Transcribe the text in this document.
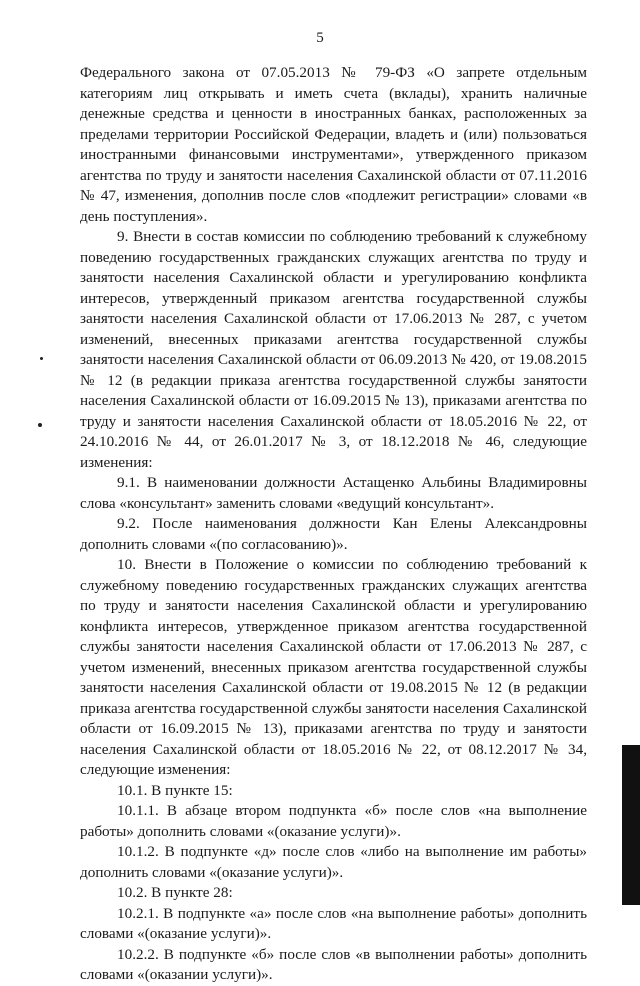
5

Федерального закона от 07.05.2013 № 79-ФЗ «О запрете отдельным категориям лиц открывать и иметь счета (вклады), хранить наличные денежные средства и ценности в иностранных банках, расположенных за пределами территории Российской Федерации, владеть и (или) пользоваться иностранными финансовыми инструментами», утвержденного приказом агентства по труду и занятости населения Сахалинской области от 07.11.2016 № 47, изменения, дополнив после слов «подлежит регистрации» словами «в день поступления».

9. Внести в состав комиссии по соблюдению требований к служебному поведению государственных гражданских служащих агентства по труду и занятости населения Сахалинской области и урегулированию конфликта интересов, утвержденный приказом агентства государственной службы занятости населения Сахалинской области от 17.06.2013 № 287, с учетом изменений, внесенных приказами агентства государственной службы занятости населения Сахалинской области от 06.09.2013 № 420, от 19.08.2015 № 12 (в редакции приказа агентства государственной службы занятости населения Сахалинской области от 16.09.2015 № 13), приказами агентства по труду и занятости населения Сахалинской области от 18.05.2016 № 22, от 24.10.2016 № 44, от 26.01.2017 № 3, от 18.12.2018 № 46, следующие изменения:

9.1. В наименовании должности Астащенко Альбины Владимировны слова «консультант» заменить словами «ведущий консультант».

9.2. После наименования должности Кан Елены Александровны дополнить словами «(по согласованию)».

10. Внести в Положение о комиссии по соблюдению требований к служебному поведению государственных гражданских служащих агентства по труду и занятости населения Сахалинской области и урегулированию конфликта интересов, утвержденное приказом агентства государственной службы занятости населения Сахалинской области от 17.06.2013 № 287, с учетом изменений, внесенных приказом агентства государственной службы занятости населения Сахалинской области от 19.08.2015 № 12 (в редакции приказа агентства государственной службы занятости населения Сахалинской области от 16.09.2015 № 13), приказами агентства по труду и занятости населения Сахалинской области от 18.05.2016 № 22, от 08.12.2017 № 34, следующие изменения:

10.1. В пункте 15:

10.1.1. В абзаце втором подпункта «б» после слов «на выполнение работы» дополнить словами «(оказание услуги)».

10.1.2. В подпункте «д» после слов «либо на выполнение им работы» дополнить словами «(оказание услуги)».

10.2. В пункте 28:

10.2.1. В подпункте «а» после слов «на выполнение работы» дополнить словами «(оказание услуги)».

10.2.2. В подпункте «б» после слов «в выполнении работы» дополнить словами «(оказании услуги)».
